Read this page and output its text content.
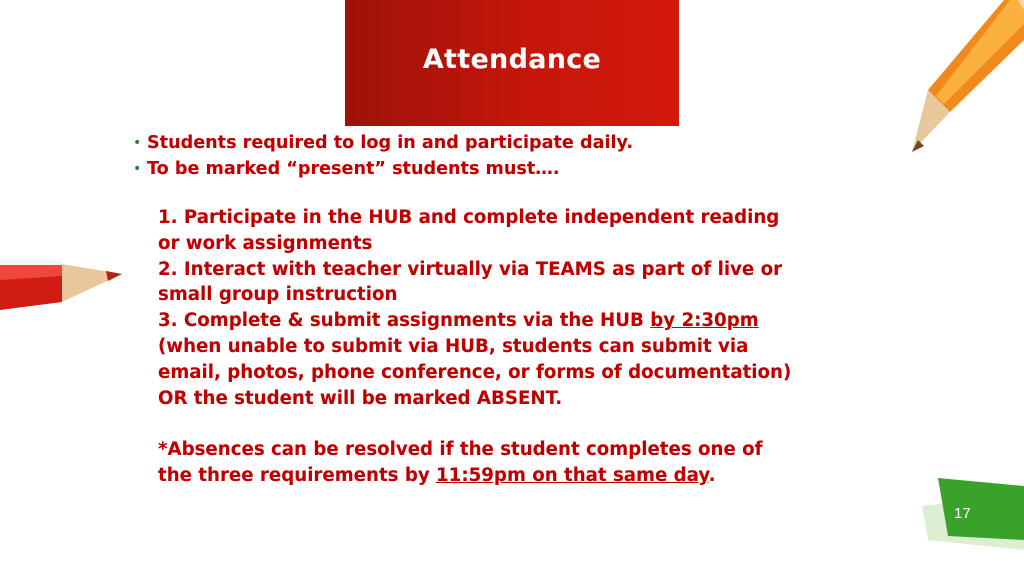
Attendance
• Students required to log in and participate daily.
• To be marked “present” students must….
1. Participate in the HUB and complete independent reading
or work assignments
2. Interact with teacher virtually via TEAMS as part of live or
small group instruction
3. Complete & submit assignments via the HUB by 2:30pm
(when unable to submit via HUB, students can submit via
email, photos, phone conference, or forms of documentation)
OR the student will be marked ABSENT.
*Absences can be resolved if the student completes one of
the three requirements by 11:59pm on that same day.
17
